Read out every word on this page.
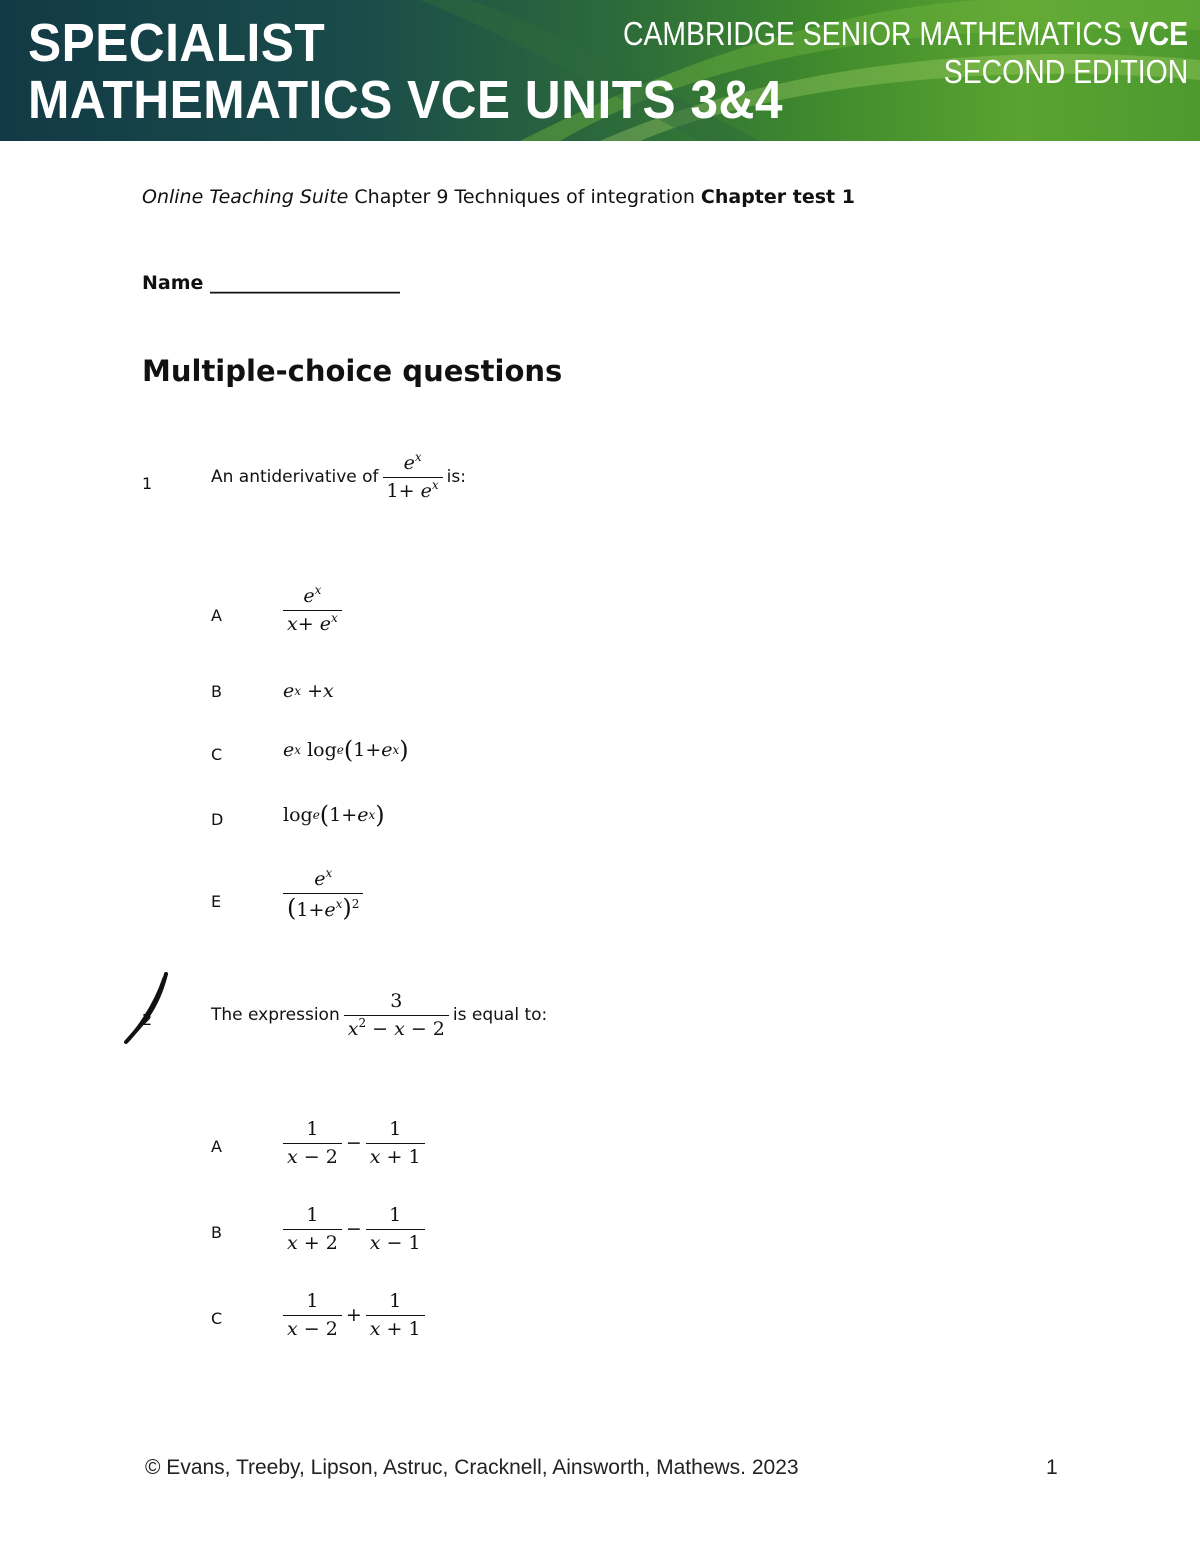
SPECIALIST
MATHEMATICS VCE UNITS 3&4
CAMBRIDGE SENIOR MATHEMATICS VCE
SECOND EDITION
Online Teaching Suite Chapter 9 Techniques of integration Chapter test 1
Name ____________________
Multiple-choice questions
1	An antiderivative of $\frac{e^x}{1+ e^x}$ is:
A	$\frac{e^x}{x+ e^x}$
B	e x + x
C	e x log e ( 1+ e x )
D	log e ( 1+ e x )
E	$\frac{e^x}{(1+e^x)^2}$
2	The expression $\frac{3}{x^2 - x - 2}$ is equal to:
A	$\frac{1}{x - 2} - \frac{1}{x + 1}$
B	$\frac{1}{x + 2} - \frac{1}{x - 1}$
C	$\frac{1}{x - 2} + \frac{1}{x + 1}$
© Evans, Treeby, Lipson, Astruc, Cracknell, Ainsworth, Mathews. 2023	1
